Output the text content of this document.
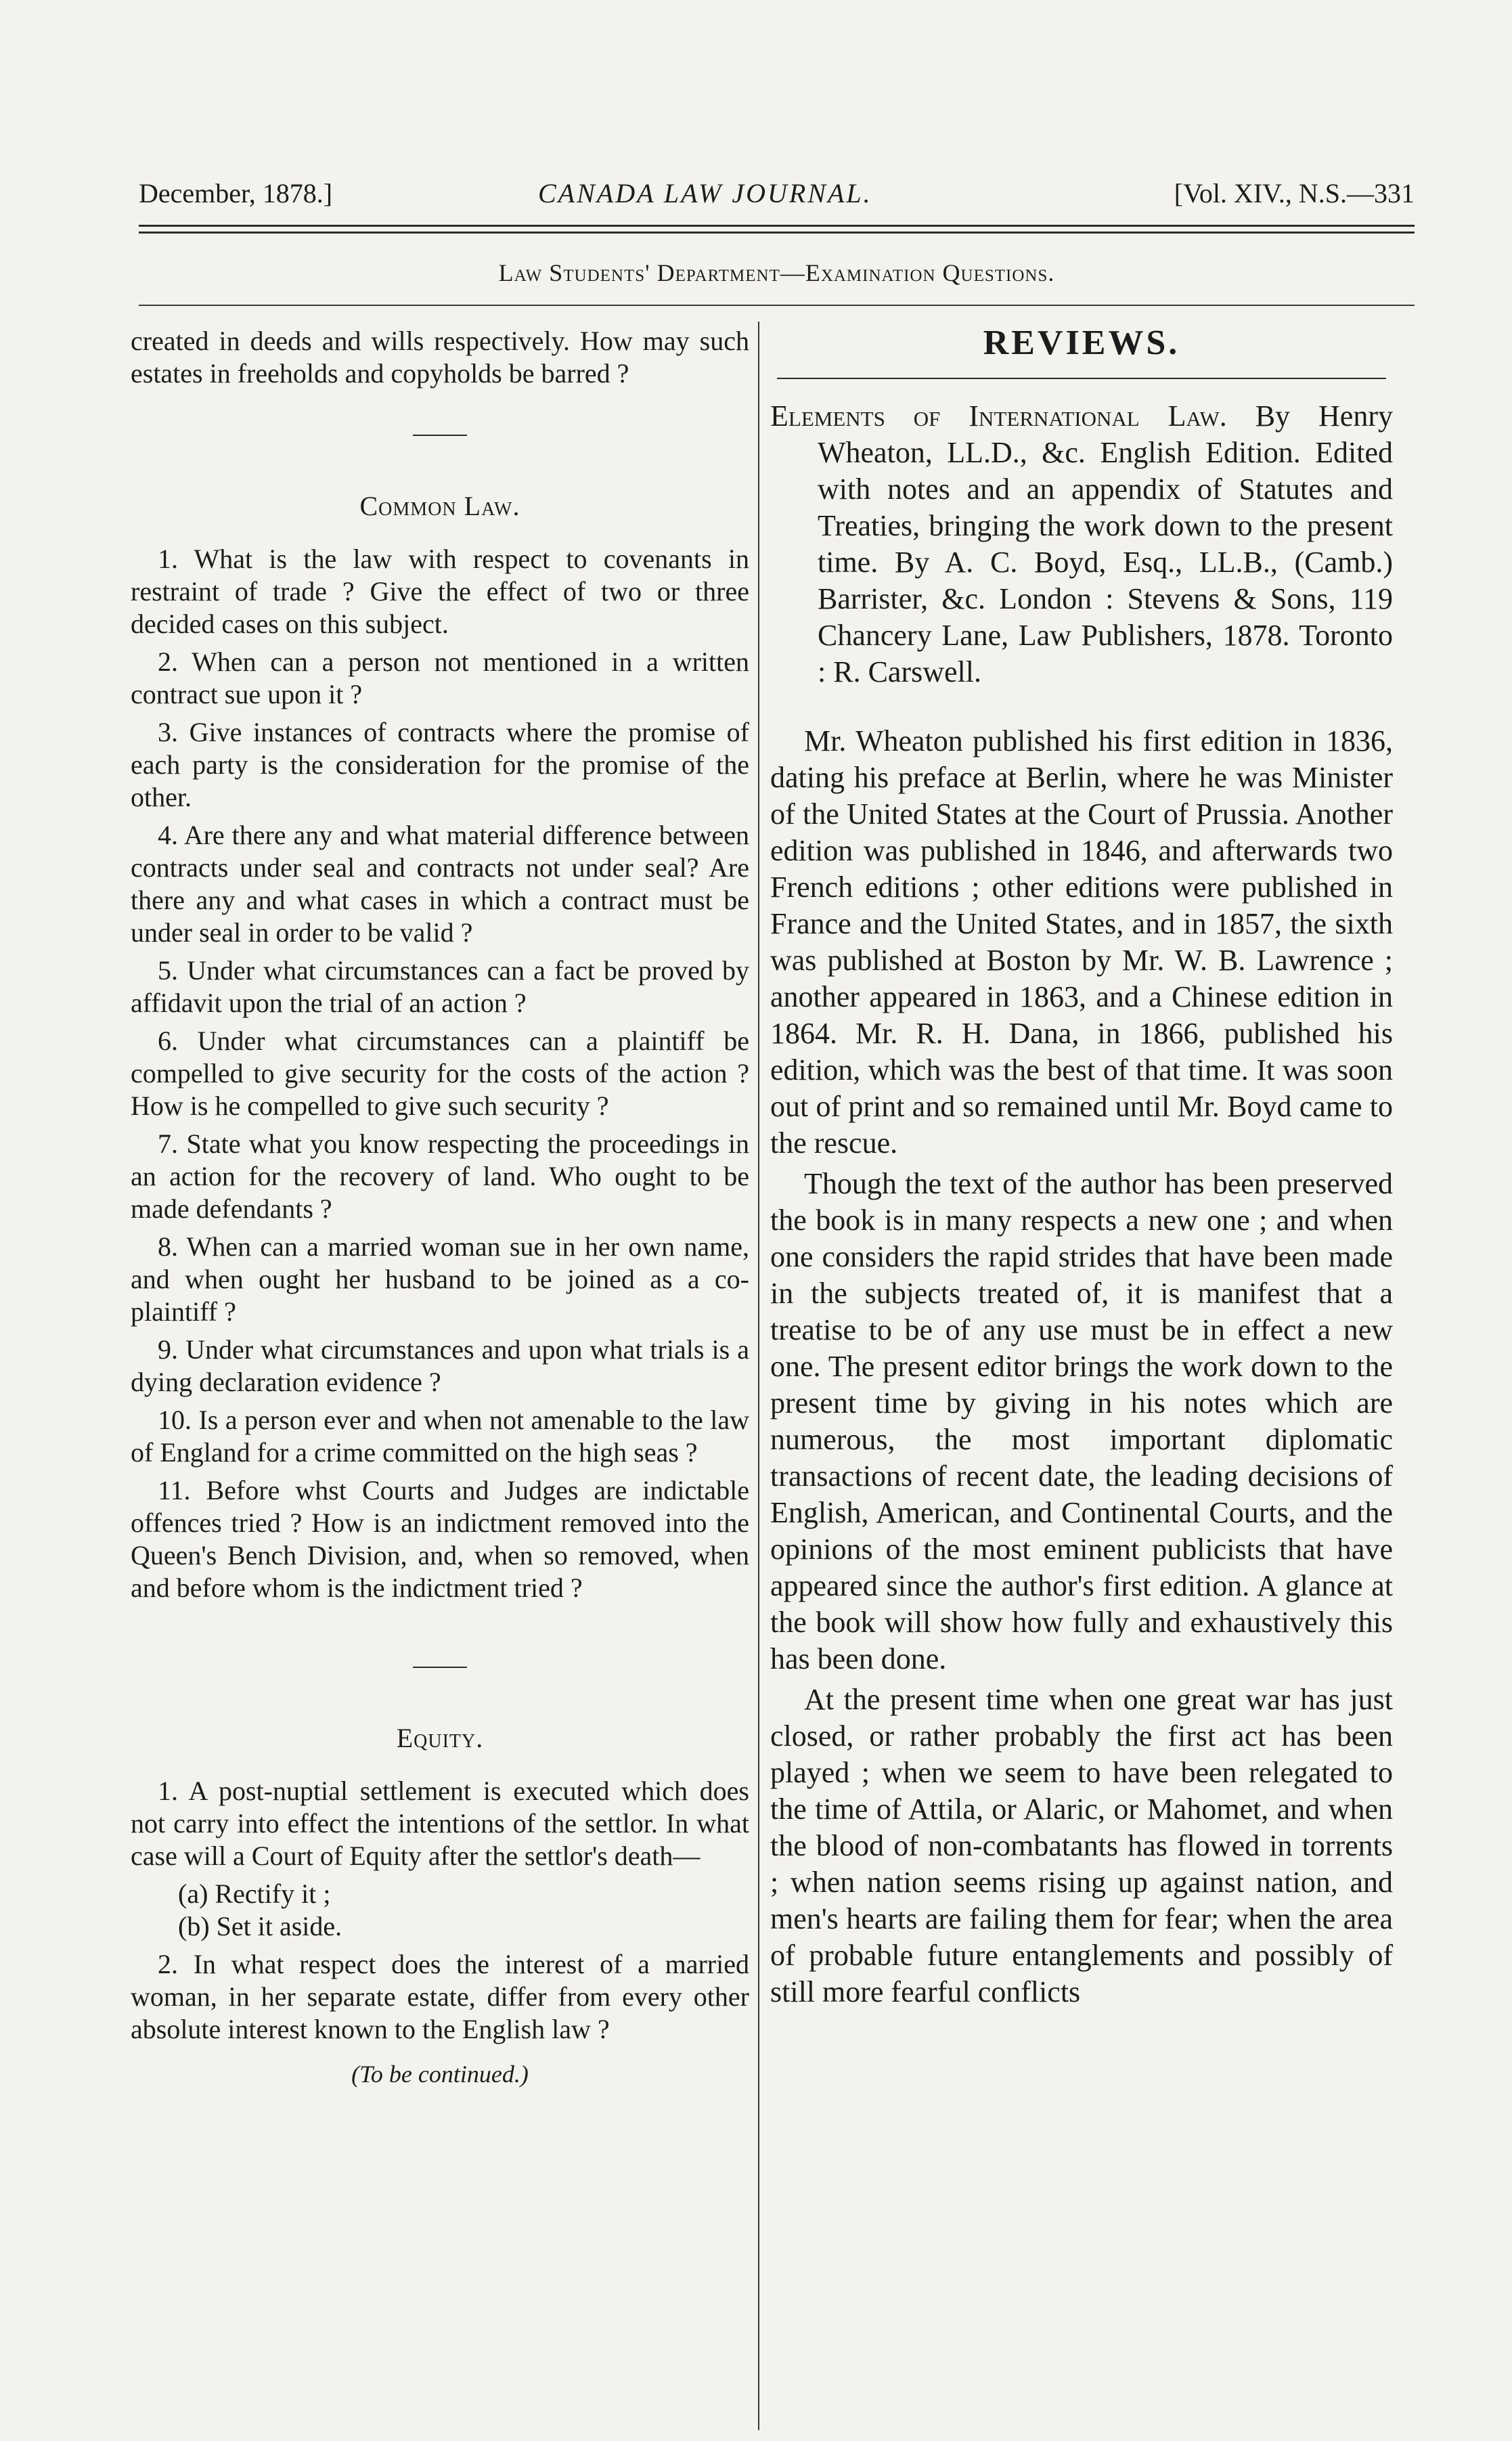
December, 1878.]	CANADA LAW JOURNAL.	[Vol. XIV., N.S.—331
Law Students' Department—Examination Questions.

created in deeds and wills respectively. How may such estates in freeholds and copyholds be barred ?

Common Law.

1. What is the law with respect to covenants in restraint of trade ? Give the effect of two or three decided cases on this subject.

2. When can a person not mentioned in a written contract sue upon it ?

3. Give instances of contracts where the promise of each party is the consideration for the promise of the other.

4. Are there any and what material difference between contracts under seal and contracts not under seal? Are there any and what cases in which a contract must be under seal in order to be valid ?

5. Under what circumstances can a fact be proved by affidavit upon the trial of an action ?

6. Under what circumstances can a plaintiff be compelled to give security for the costs of the action ? How is he compelled to give such security ?

7. State what you know respecting the proceedings in an action for the recovery of land. Who ought to be made defendants ?

8. When can a married woman sue in her own name, and when ought her husband to be joined as a co-plaintiff ?

9. Under what circumstances and upon what trials is a dying declaration evidence ?

10. Is a person ever and when not amenable to the law of England for a crime committed on the high seas ?

11. Before whst Courts and Judges are indictable offences tried ? How is an indictment removed into the Queen's Bench Division, and, when so removed, when and before whom is the indictment tried ?

Equity.

1. A post-nuptial settlement is executed which does not carry into effect the intentions of the settlor. In what case will a Court of Equity after the settlor's death—

(a) Rectify it ;

(b) Set it aside.

2. In what respect does the interest of a married woman, in her separate estate, differ from every other absolute interest known to the English law ?

(To be continued.)

REVIEWS.

Elements of International Law. By Henry Wheaton, LL.D., &c. English Edition. Edited with notes and an appendix of Statutes and Treaties, bringing the work down to the present time. By A. C. Boyd, Esq., LL.B., (Camb.) Barrister, &c. London : Stevens & Sons, 119 Chancery Lane, Law Publishers, 1878. Toronto : R. Carswell.

Mr. Wheaton published his first edition in 1836, dating his preface at Berlin, where he was Minister of the United States at the Court of Prussia. Another edition was published in 1846, and afterwards two French editions ; other editions were published in France and the United States, and in 1857, the sixth was published at Boston by Mr. W. B. Lawrence ; another appeared in 1863, and a Chinese edition in 1864. Mr. R. H. Dana, in 1866, published his edition, which was the best of that time. It was soon out of print and so remained until Mr. Boyd came to the rescue.

Though the text of the author has been preserved the book is in many respects a new one ; and when one considers the rapid strides that have been made in the subjects treated of, it is manifest that a treatise to be of any use must be in effect a new one. The present editor brings the work down to the present time by giving in his notes which are numerous, the most important diplomatic transactions of recent date, the leading decisions of English, American, and Continental Courts, and the opinions of the most eminent publicists that have appeared since the author's first edition. A glance at the book will show how fully and exhaustively this has been done.

At the present time when one great war has just closed, or rather probably the first act has been played ; when we seem to have been relegated to the time of Attila, or Alaric, or Mahomet, and when the blood of non-combatants has flowed in torrents ; when nation seems rising up against nation, and men's hearts are failing them for fear; when the area of probable future entanglements and possibly of still more fearful conflicts
